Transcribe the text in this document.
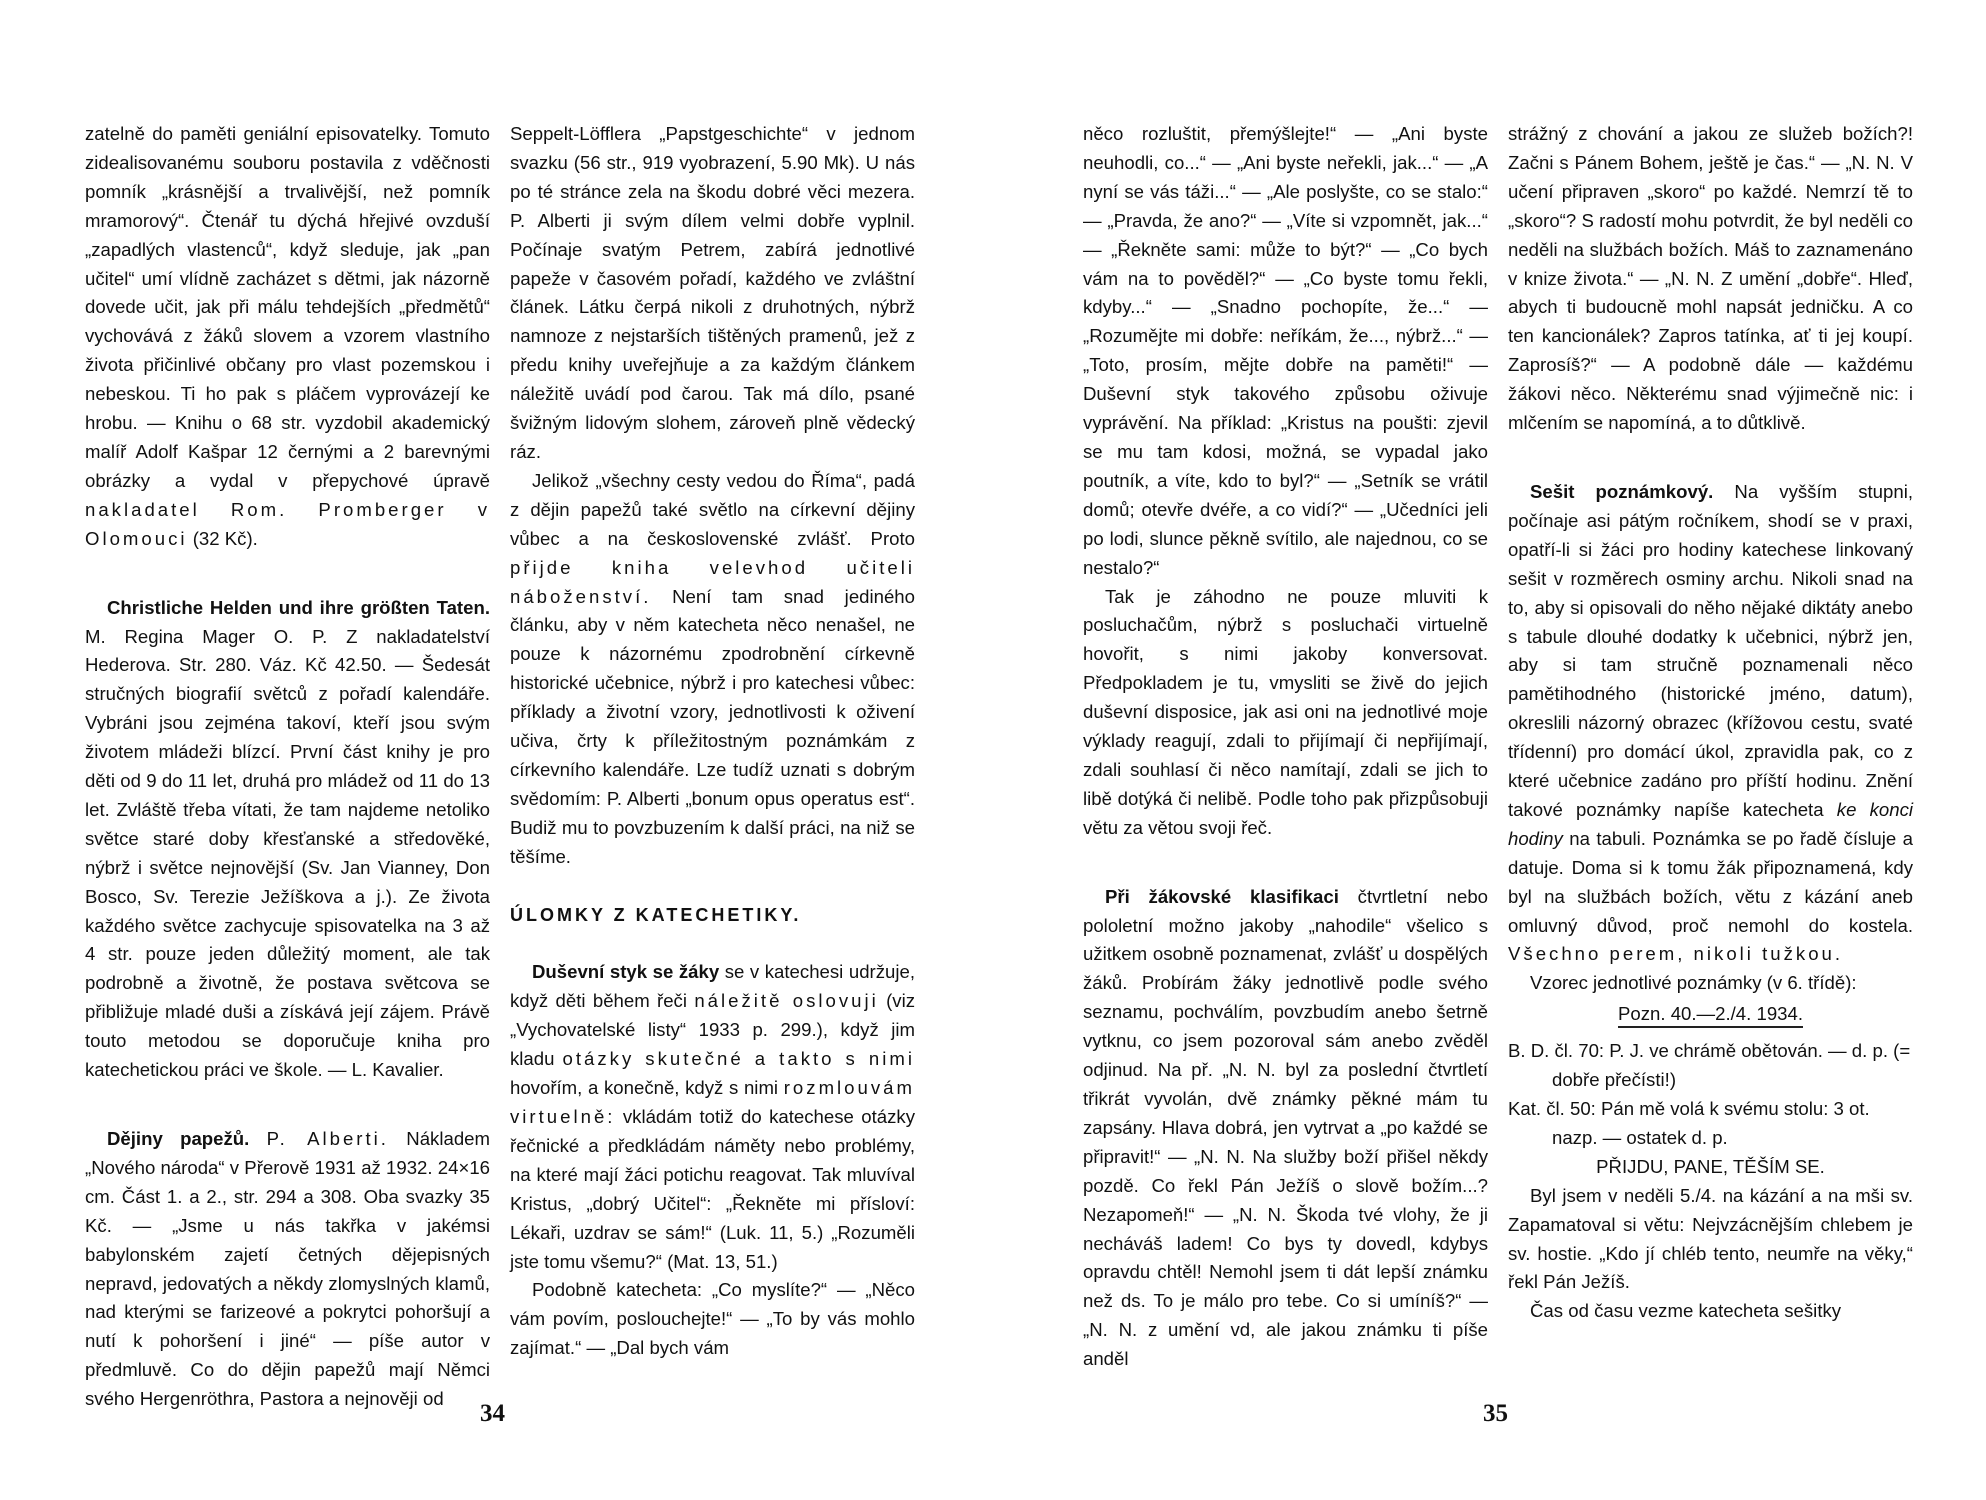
zatelně do paměti geniální episovatelky. Tomuto zidealisovanému souboru postavila z vděčnosti pomník „krásnější a trvalivější, než pomník mramorový“. Čtenář tu dýchá hřejivé ovzduší „zapadlých vlastenců“, když sleduje, jak „pan učitel“ umí vlídně zacházet s dětmi, jak názorně dovede učit, jak při málu tehdejších „předmětů“ vychovává z žáků slovem a vzorem vlastního života přičinlivé občany pro vlast pozemskou i nebeskou. Ti ho pak s pláčem vyprovázejí ke hrobu. — Knihu o 68 str. vyzdobil akademický malíř Adolf Kašpar 12 černými a 2 barevnými obrázky a vydal v přepychové úpravě nakladatel Rom. Promberger v Olomouci (32 Kč).

Christliche Helden und ihre größten Taten. M. Regina Mager O. P. Z nakladatelství Hederova. Str. 280. Váz. Kč 42.50. — Šedesát stručných biografií světců z pořadí kalendáře. Vybráni jsou zejména takoví, kteří jsou svým životem mládeži blízcí. První část knihy je pro děti od 9 do 11 let, druhá pro mládež od 11 do 13 let. Zvláště třeba vítati, že tam najdeme netoliko světce staré doby křesťanské a středověké, nýbrž i světce nejnovější (Sv. Jan Vianney, Don Bosco, Sv. Terezie Ježíškova a j.). Ze života každého světce zachycuje spisovatelka na 3 až 4 str. pouze jeden důležitý moment, ale tak podrobně a životně, že postava světcova se přibližuje mladé duši a získává její zájem. Právě touto metodou se doporučuje kniha pro katechetickou práci ve škole. — L. Kavalier.

Dějiny papežů. P. Alberti. Nákladem „Nového národa“ v Přerově 1931 až 1932. 24×16 cm. Část 1. a 2., str. 294 a 308. Oba svazky 35 Kč. — „Jsme u nás takřka v jakémsi babylonském zajetí četných dějepisných nepravd, jedovatých a někdy zlomyslných klamů, nad kterými se farizeové a pokrytci pohoršují a nutí k pohoršení i jiné“ — píše autor v předmluvě. Co do dějin papežů mají Němci svého Hergenröthra, Pastora a nejnověji od

Seppelt-Löfflera „Papstgeschichte“ v jednom svazku (56 str., 919 vyobrazení, 5.90 Mk). U nás po té stránce zela na škodu dobré věci mezera. P. Alberti ji svým dílem velmi dobře vyplnil. Počínaje svatým Petrem, zabírá jednotlivé papeže v časovém pořadí, každého ve zvláštní článek. Látku čerpá nikoli z druhotných, nýbrž namnoze z nejstarších tištěných pramenů, jež z předu knihy uveřejňuje a za každým článkem náležitě uvádí pod čarou. Tak má dílo, psané švižným lidovým slohem, zároveň plně vědecký ráz.

Jelikož „všechny cesty vedou do Říma“, padá z dějin papežů také světlo na církevní dějiny vůbec a na československé zvlášť. Proto přijde kniha velevhod učiteli náboženství. Není tam snad jediného článku, aby v něm katecheta něco nenašel, ne pouze k názornému zpodrobnění církevně historické učebnice, nýbrž i pro katechesi vůbec: příklady a životní vzory, jednotlivosti k oživení učiva, črty k příležitostným poznámkám z církevního kalendáře. Lze tudíž uznati s dobrým svědomím: P. Alberti „bonum opus operatus est“. Budiž mu to povzbuzením k další práci, na niž se těšíme.

ÚLOMKY Z KATECHETIKY.

Duševní styk se žáky se v katechesi udržuje, když děti během řeči náležitě oslovuji (viz „Vychovatelské listy“ 1933 p. 299.), když jim kladu otázky skutečné a takto s nimi hovořím, a konečně, když s nimi rozmlouvám virtuelně: vkládám totiž do katechese otázky řečnické a předkládám náměty nebo problémy, na které mají žáci potichu reagovat. Tak mluvíval Kristus, „dobrý Učitel“: „Řekněte mi přísloví: Lékaři, uzdrav se sám!“ (Luk. 11, 5.) „Rozuměli jste tomu všemu?“ (Mat. 13, 51.)

Podobně katecheta: „Co myslíte?“ — „Něco vám povím, poslouchejte!“ — „To by vás mohlo zajímat.“ — „Dal bych vám

34

něco rozluštit, přemýšlejte!“ — „Ani byste neuhodli, co...“ — „Ani byste neřekli, jak...“ — „A nyní se vás táži...“ — „Ale poslyšte, co se stalo:“ — „Pravda, že ano?“ — „Víte si vzpomnět, jak...“ — „Řekněte sami: může to být?“ — „Co bych vám na to pověděl?“ — „Co byste tomu řekli, kdyby...“ — „Snadno pochopíte, že...“ — „Rozumějte mi dobře: neříkám, že..., nýbrž...“ — „Toto, prosím, mějte dobře na paměti!“ — Duševní styk takového způsobu oživuje vyprávění. Na příklad: „Kristus na poušti: zjevil se mu tam kdosi, možná, se vypadal jako poutník, a víte, kdo to byl?“ — „Setník se vrátil domů; otevře dvéře, a co vidí?“ — „Učedníci jeli po lodi, slunce pěkně svítilo, ale najednou, co se nestalo?“

Tak je záhodno ne pouze mluviti k posluchačům, nýbrž s posluchači virtuelně hovořit, s nimi jakoby konversovat. Předpokladem je tu, vmysliti se živě do jejich duševní disposice, jak asi oni na jednotlivé moje výklady reagují, zdali to přijímají či nepřijímají, zdali souhlasí či něco namítají, zdali se jich to libě dotýká či nelibě. Podle toho pak přizpůsobuji větu za větou svoji řeč.

Při žákovské klasifikaci čtvrtletní nebo pololetní možno jakoby „nahodile“ všelico s užitkem osobně poznamenat, zvlášť u dospělých žáků. Probírám žáky jednotlivě podle svého seznamu, pochválím, povzbudím anebo šetrně vytknu, co jsem pozoroval sám anebo zvěděl odjinud. Na př. „N. N. byl za poslední čtvrtletí třikrát vyvolán, dvě známky pěkné mám tu zapsány. Hlava dobrá, jen vytrvat a „po každé se připravit!“ — „N. N. Na služby boží přišel někdy pozdě. Co řekl Pán Ježíš o slově božím...? Nezapomeň!“ — „N. N. Škoda tvé vlohy, že ji necháváš ladem! Co bys ty dovedl, kdybys opravdu chtěl! Nemohl jsem ti dát lepší známku než ds. To je málo pro tebe. Co si umíníš?“ — „N. N. z umění vd, ale jakou známku ti píše anděl

strážný z chování a jakou ze služeb božích?! Začni s Pánem Bohem, ještě je čas.“ — „N. N. V učení připraven „skoro“ po každé. Nemrzí tě to „skoro“? S radostí mohu potvrdit, že byl neděli co neděli na službách božích. Máš to zaznamenáno v knize života.“ — „N. N. Z umění „dobře“. Hleď, abych ti budoucně mohl napsát jedničku. A co ten kancionálek? Zapros tatínka, ať ti jej koupí. Zaprosíš?“ — A podobně dále — každému žákovi něco. Některému snad výjimečně nic: i mlčením se napomíná, a to důtklivě.

Sešit poznámkový. Na vyšším stupni, počínaje asi pátým ročníkem, shodí se v praxi, opatří-li si žáci pro hodiny katechese linkovaný sešit v rozměrech osminy archu. Nikoli snad na to, aby si opisovali do něho nějaké diktáty anebo s tabule dlouhé dodatky k učebnici, nýbrž jen, aby si tam stručně poznamenali něco pamětihodného (historické jméno, datum), okreslili názorný obrazec (křížovou cestu, svaté třídenní) pro domácí úkol, zpravidla pak, co z které učebnice zadáno pro příští hodinu. Znění takové poznámky napíše katecheta ke konci hodiny na tabuli. Poznámka se po řadě čísluje a datuje. Doma si k tomu žák připoznamená, kdy byl na službách božích, větu z kázání aneb omluvný důvod, proč nemohl do kostela. Všechno perem, nikoli tužkou.

Vzorec jednotlivé poznámky (v 6. třídě):

Pozn. 40.—2./4. 1934.

B. D. čl. 70: P. J. ve chrámě obětován. — d. p. (= dobře přečísti!)

Kat. čl. 50: Pán mě volá k svému stolu: 3 ot. nazp. — ostatek d. p.

PŘIJDU, PANE, TĚŠÍM SE.

Byl jsem v neděli 5./4. na kázání a na mši sv. Zapamatoval si větu: Nejvzácnějším chlebem je sv. hostie. „Kdo jí chléb tento, neumře na věky,“ řekl Pán Ježíš.

Čas od času vezme katecheta sešitky

35
